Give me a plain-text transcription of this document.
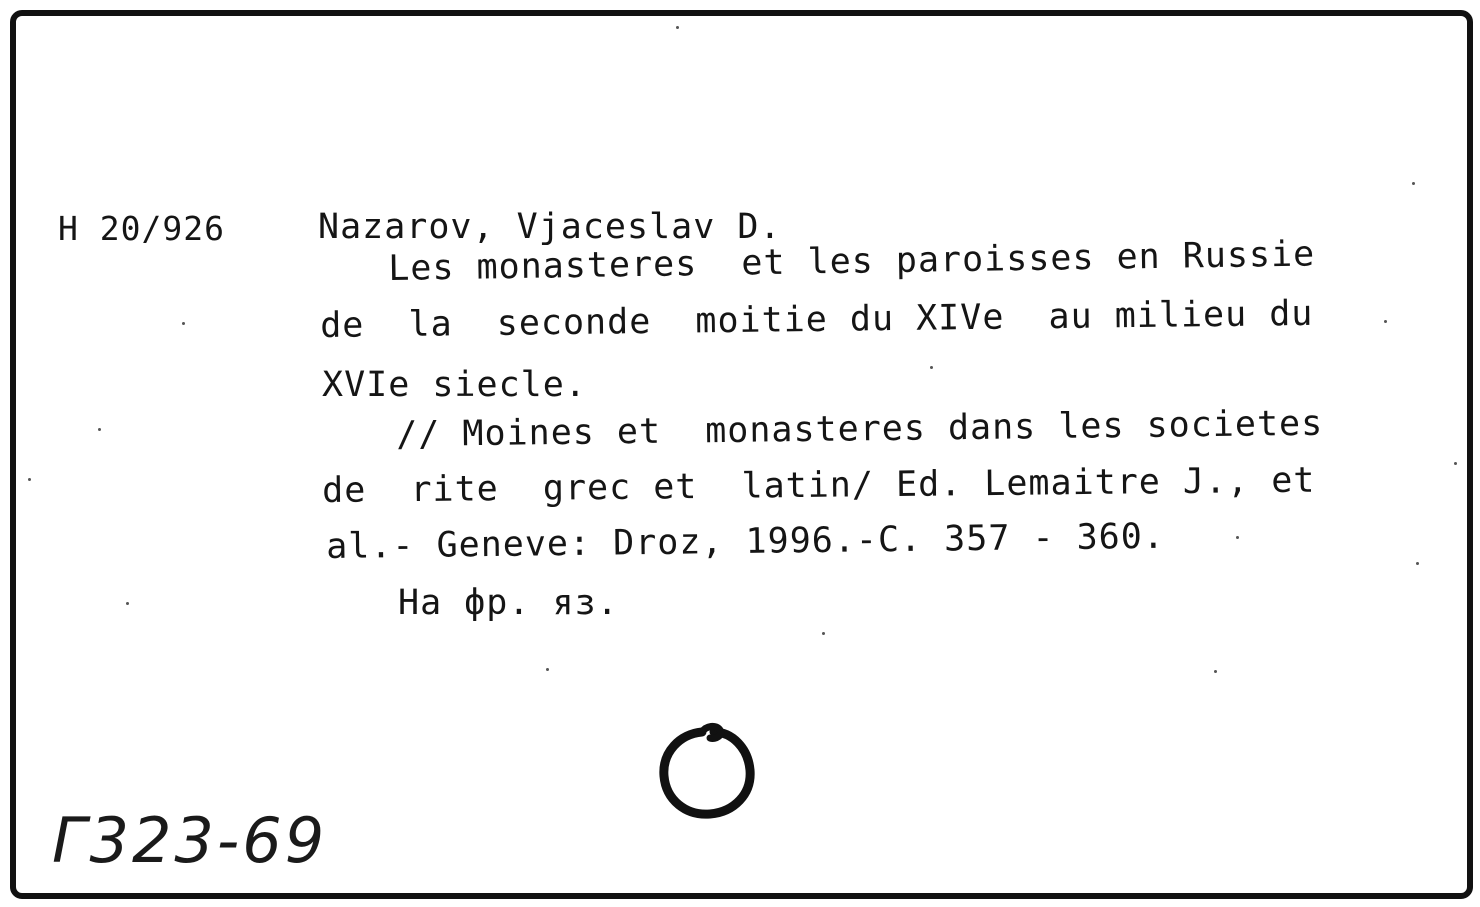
H 20/926	Nazarov, Vjaceslav D.
Les monasteres  et les paroisses en Russie
de  la  seconde  moitie du XIVe  au milieu du
XVIe siecle.
// Moines et  monasteres dans les societes
de  rite  grec et  latin/ Ed. Lemaitre J., et
al.- Geneve: Droz, 1996.-C. 357 - 360.
На фр. яз.
Г323-69
